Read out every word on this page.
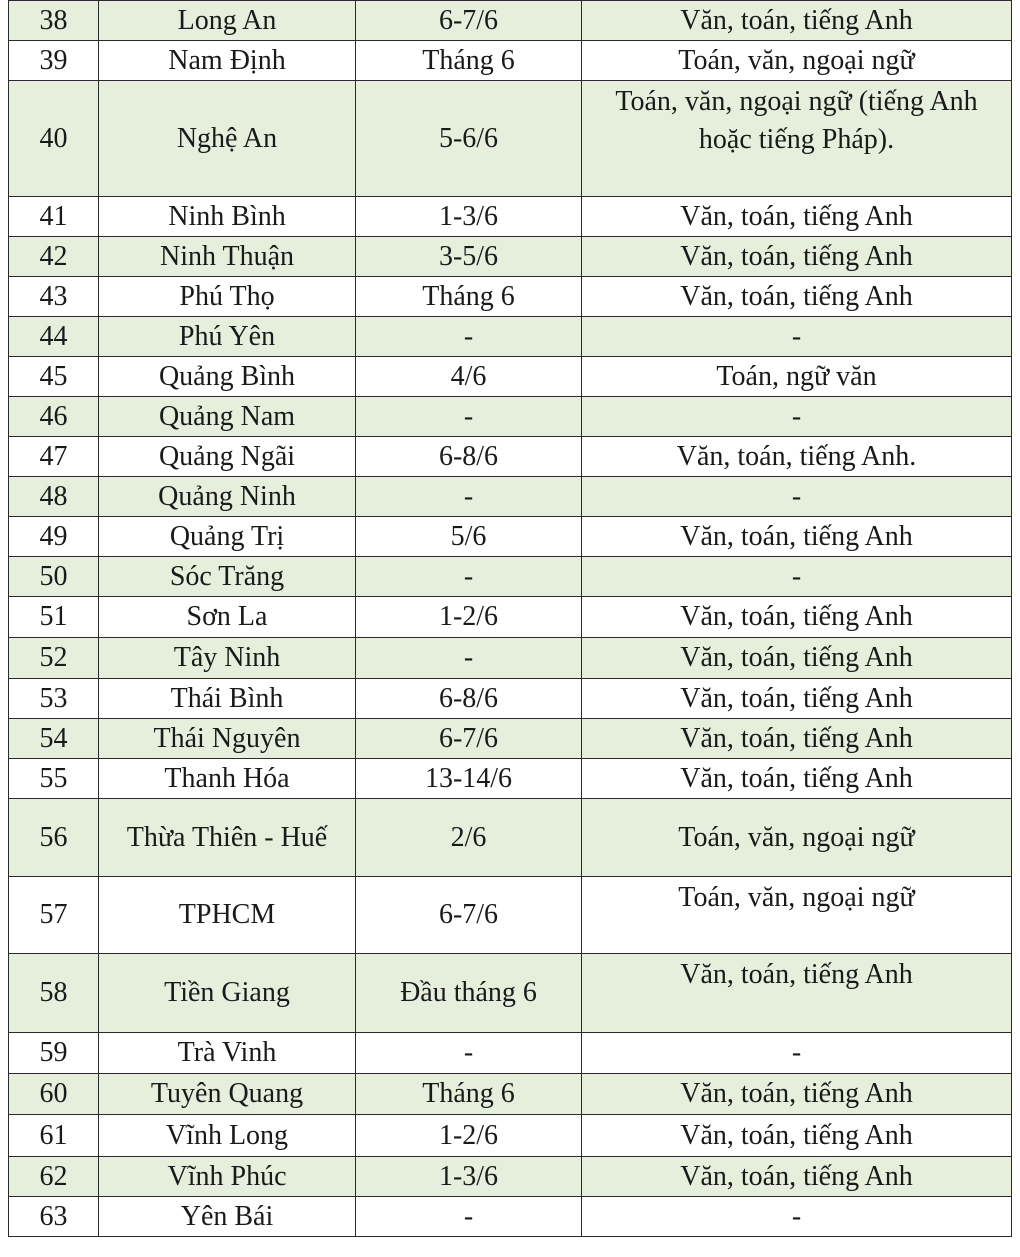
38	Long An	6-7/6	Văn, toán, tiếng Anh
39	Nam Định	Tháng 6	Toán, văn, ngoại ngữ
40	Nghệ An	5-6/6	Toán, văn, ngoại ngữ (tiếng Anh hoặc tiếng Pháp).
41	Ninh Bình	1-3/6	Văn, toán, tiếng Anh
42	Ninh Thuận	3-5/6	Văn, toán, tiếng Anh
43	Phú Thọ	Tháng 6	Văn, toán, tiếng Anh
44	Phú Yên	-	-
45	Quảng Bình	4/6	Toán, ngữ văn
46	Quảng Nam	-	-
47	Quảng Ngãi	6-8/6	Văn, toán, tiếng Anh.
48	Quảng Ninh	-	-
49	Quảng Trị	5/6	Văn, toán, tiếng Anh
50	Sóc Trăng	-	-
51	Sơn La	1-2/6	Văn, toán, tiếng Anh
52	Tây Ninh	-	Văn, toán, tiếng Anh
53	Thái Bình	6-8/6	Văn, toán, tiếng Anh
54	Thái Nguyên	6-7/6	Văn, toán, tiếng Anh
55	Thanh Hóa	13-14/6	Văn, toán, tiếng Anh
56	Thừa Thiên - Huế	2/6	Toán, văn, ngoại ngữ
57	TPHCM	6-7/6	Toán, văn, ngoại ngữ
58	Tiền Giang	Đầu tháng 6	Văn, toán, tiếng Anh
59	Trà Vinh	-	-
60	Tuyên Quang	Tháng 6	Văn, toán, tiếng Anh
61	Vĩnh Long	1-2/6	Văn, toán, tiếng Anh
62	Vĩnh Phúc	1-3/6	Văn, toán, tiếng Anh
63	Yên Bái	-	-
